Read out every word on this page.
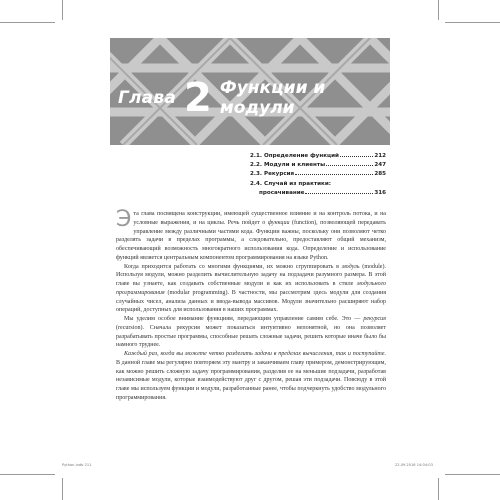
Глава 2 Функции и модули
2.1. Определение функций	212
2.2. Модули и клиенты	247
2.3. Рекурсия	285
2.4. Случай из практики:
просачивание	316

Эта глава посвящена конструкции, имеющей существенное влияние и на контроль потока, и на условные выражения, и на циклы. Речь пойдет о функции (function), позволяющей передавать управление между различными частями кода. Функции важны, поскольку они позволяют четко разделять задачи в пределах программы, а следовательно, предоставляют общий механизм, обеспечивающий возможность многократного использования кода. Определение и использование функций является центральным компонентом программирования на языке Python.

Когда приходится работать со многими функциями, их можно сгруппировать в модуль (module). Используя модули, можно разделить вычислительную задачу на подзадачи разумного размера. В этой главе вы узнаете, как создавать собственные модули и как их использовать в стиле модульного программирования (modular programming). В частности, мы рассмотрим здесь модули для создания случайных чисел, анализа данных и ввода-вывода массивов. Модули значительно расширяют набор операций, доступных для использования в наших программах.

Мы уделим особое внимание функциям, передающим управление самим себе. Это — рекурсия (recursion). Сначала рекурсия может показаться интуитивно непонятной, но она позволяет разрабатывать простые программы, способные решать сложные задачи, решить которые иначе было бы намного труднее.

Каждый раз, когда вы можете четко разделить задачи в пределах вычисления, так и поступайте. В данной главе мы регулярно повторяем эту мантру и заканчиваем главу примером, демонстрирующим, как можно решить сложную задачу программирования, разделив ее на меньшие подзадачи, разработав независимые модули, которые взаимодействуют друг с другом, решая эти подзадачи. Повсюду в этой главе мы используем функции и модули, разработанные ранее, чтобы подчеркнуть удобство модульного программирования.

Python.indb 211	22.09.2016 14:04:03
